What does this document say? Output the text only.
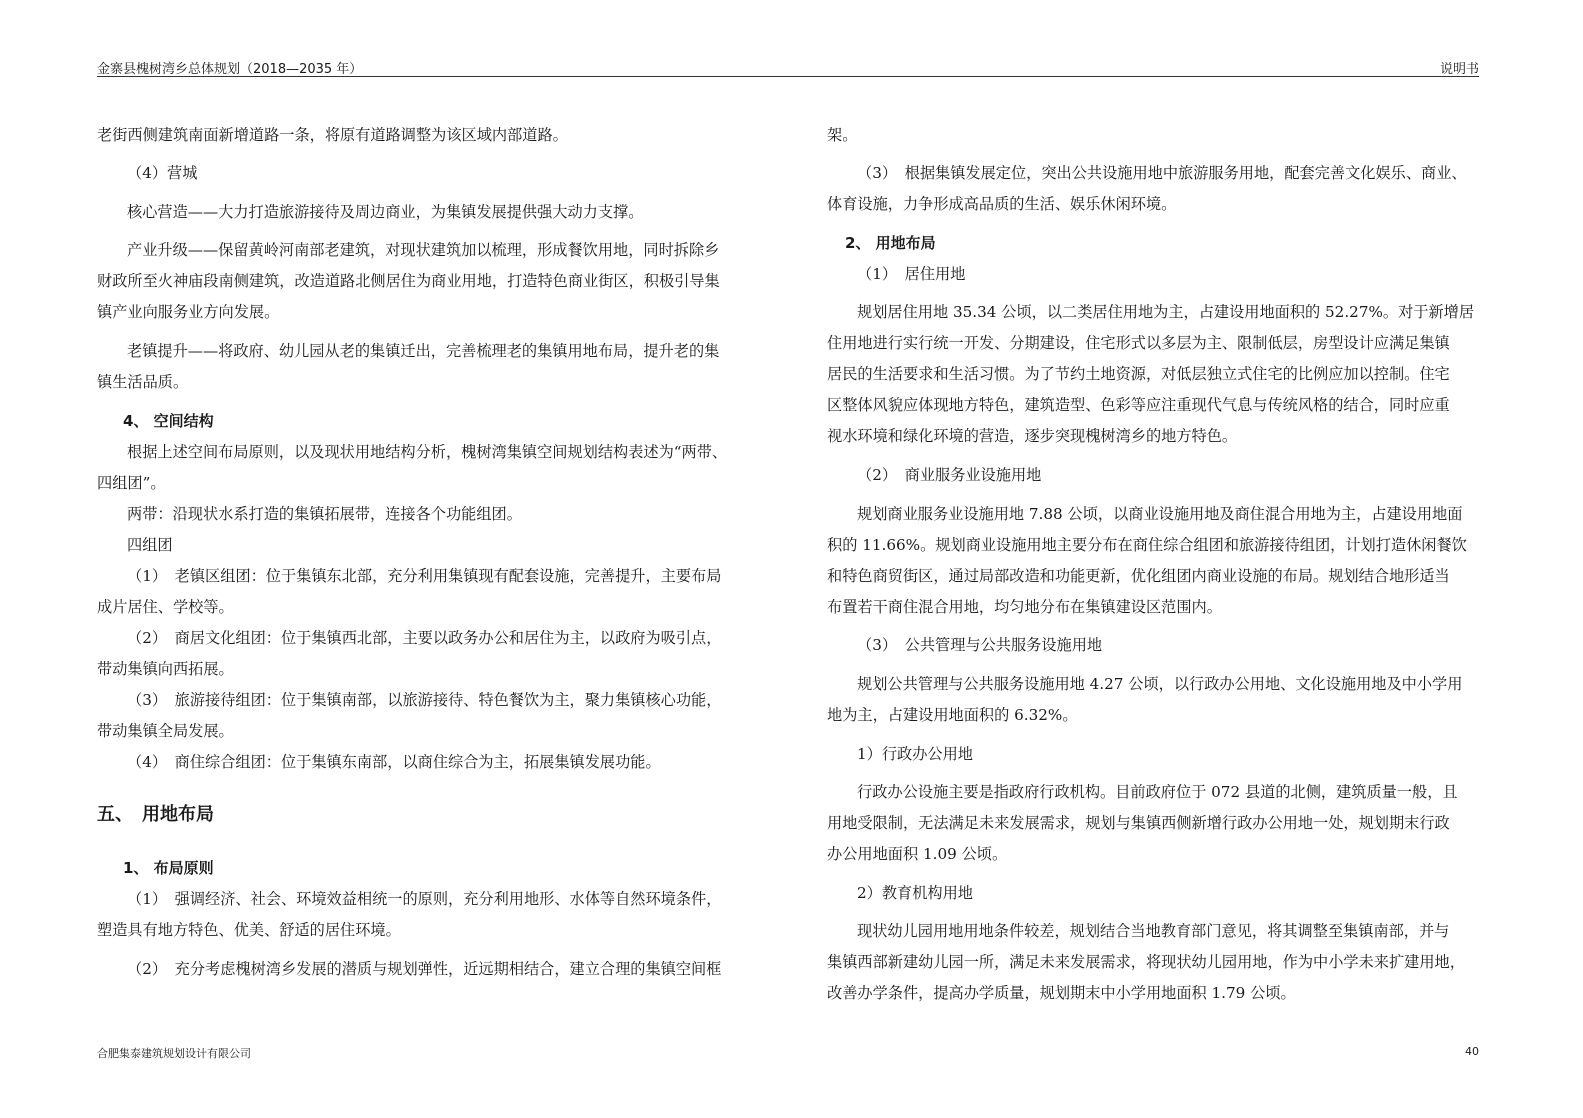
金寨县槐树湾乡总体规划（2018—2035 年）	说明书
老街西侧建筑南面新增道路一条，将原有道路调整为该区域内部道路。
（4）营城
核心营造——大力打造旅游接待及周边商业，为集镇发展提供强大动力支撑。
产业升级——保留黄岭河南部老建筑，对现状建筑加以梳理，形成餐饮用地，同时拆除乡
财政所至火神庙段南侧建筑，改造道路北侧居住为商业用地，打造特色商业街区，积极引导集
镇产业向服务业方向发展。
老镇提升——将政府、幼儿园从老的集镇迁出，完善梳理老的集镇用地布局，提升老的集
镇生活品质。
4、 空间结构
根据上述空间布局原则，以及现状用地结构分析，槐树湾集镇空间规划结构表述为“两带、
四组团”。
两带：沿现状水系打造的集镇拓展带，连接各个功能组团。
四组团
（1）　老镇区组团：位于集镇东北部，充分利用集镇现有配套设施，完善提升，主要布局
成片居住、学校等。
（2）　商居文化组团：位于集镇西北部，主要以政务办公和居住为主，以政府为吸引点，
带动集镇向西拓展。
（3）　旅游接待组团：位于集镇南部，以旅游接待、特色餐饮为主，聚力集镇核心功能，
带动集镇全局发展。
（4）　商住综合组团：位于集镇东南部，以商住综合为主，拓展集镇发展功能。
五、　用地布局
1、 布局原则
（1）　强调经济、社会、环境效益相统一的原则，充分利用地形、水体等自然环境条件，
塑造具有地方特色、优美、舒适的居住环境。
（2）　充分考虑槐树湾乡发展的潜质与规划弹性，近远期相结合，建立合理的集镇空间框
架。
（3）　根据集镇发展定位，突出公共设施用地中旅游服务用地，配套完善文化娱乐、商业、
体育设施，力争形成高品质的生活、娱乐休闲环境。
2、 用地布局
（1）　居住用地
规划居住用地 35.34 公顷，以二类居住用地为主，占建设用地面积的 52.27%。对于新增居
住用地进行实行统一开发、分期建设，住宅形式以多层为主、限制低层，房型设计应满足集镇
居民的生活要求和生活习惯。为了节约土地资源，对低层独立式住宅的比例应加以控制。住宅
区整体风貌应体现地方特色，建筑造型、色彩等应注重现代气息与传统风格的结合，同时应重
视水环境和绿化环境的营造，逐步突现槐树湾乡的地方特色。
（2）　商业服务业设施用地
规划商业服务业设施用地 7.88 公顷，以商业设施用地及商住混合用地为主，占建设用地面
积的 11.66%。规划商业设施用地主要分布在商住综合组团和旅游接待组团，计划打造休闲餐饮
和特色商贸街区，通过局部改造和功能更新，优化组团内商业设施的布局。规划结合地形适当
布置若干商住混合用地，均匀地分布在集镇建设区范围内。
（3）　公共管理与公共服务设施用地
规划公共管理与公共服务设施用地 4.27 公顷，以行政办公用地、文化设施用地及中小学用
地为主，占建设用地面积的 6.32%。
1）行政办公用地
行政办公设施主要是指政府行政机构。目前政府位于 072 县道的北侧，建筑质量一般，且
用地受限制，无法满足未来发展需求，规划与集镇西侧新增行政办公用地一处，规划期末行政
办公用地面积 1.09 公顷。
2）教育机构用地
现状幼儿园用地用地条件较差，规划结合当地教育部门意见，将其调整至集镇南部，并与
集镇西部新建幼儿园一所，满足未来发展需求，将现状幼儿园用地，作为中小学未来扩建用地，
改善办学条件，提高办学质量，规划期末中小学用地面积 1.79 公顷。
合肥集泰建筑规划设计有限公司	40
